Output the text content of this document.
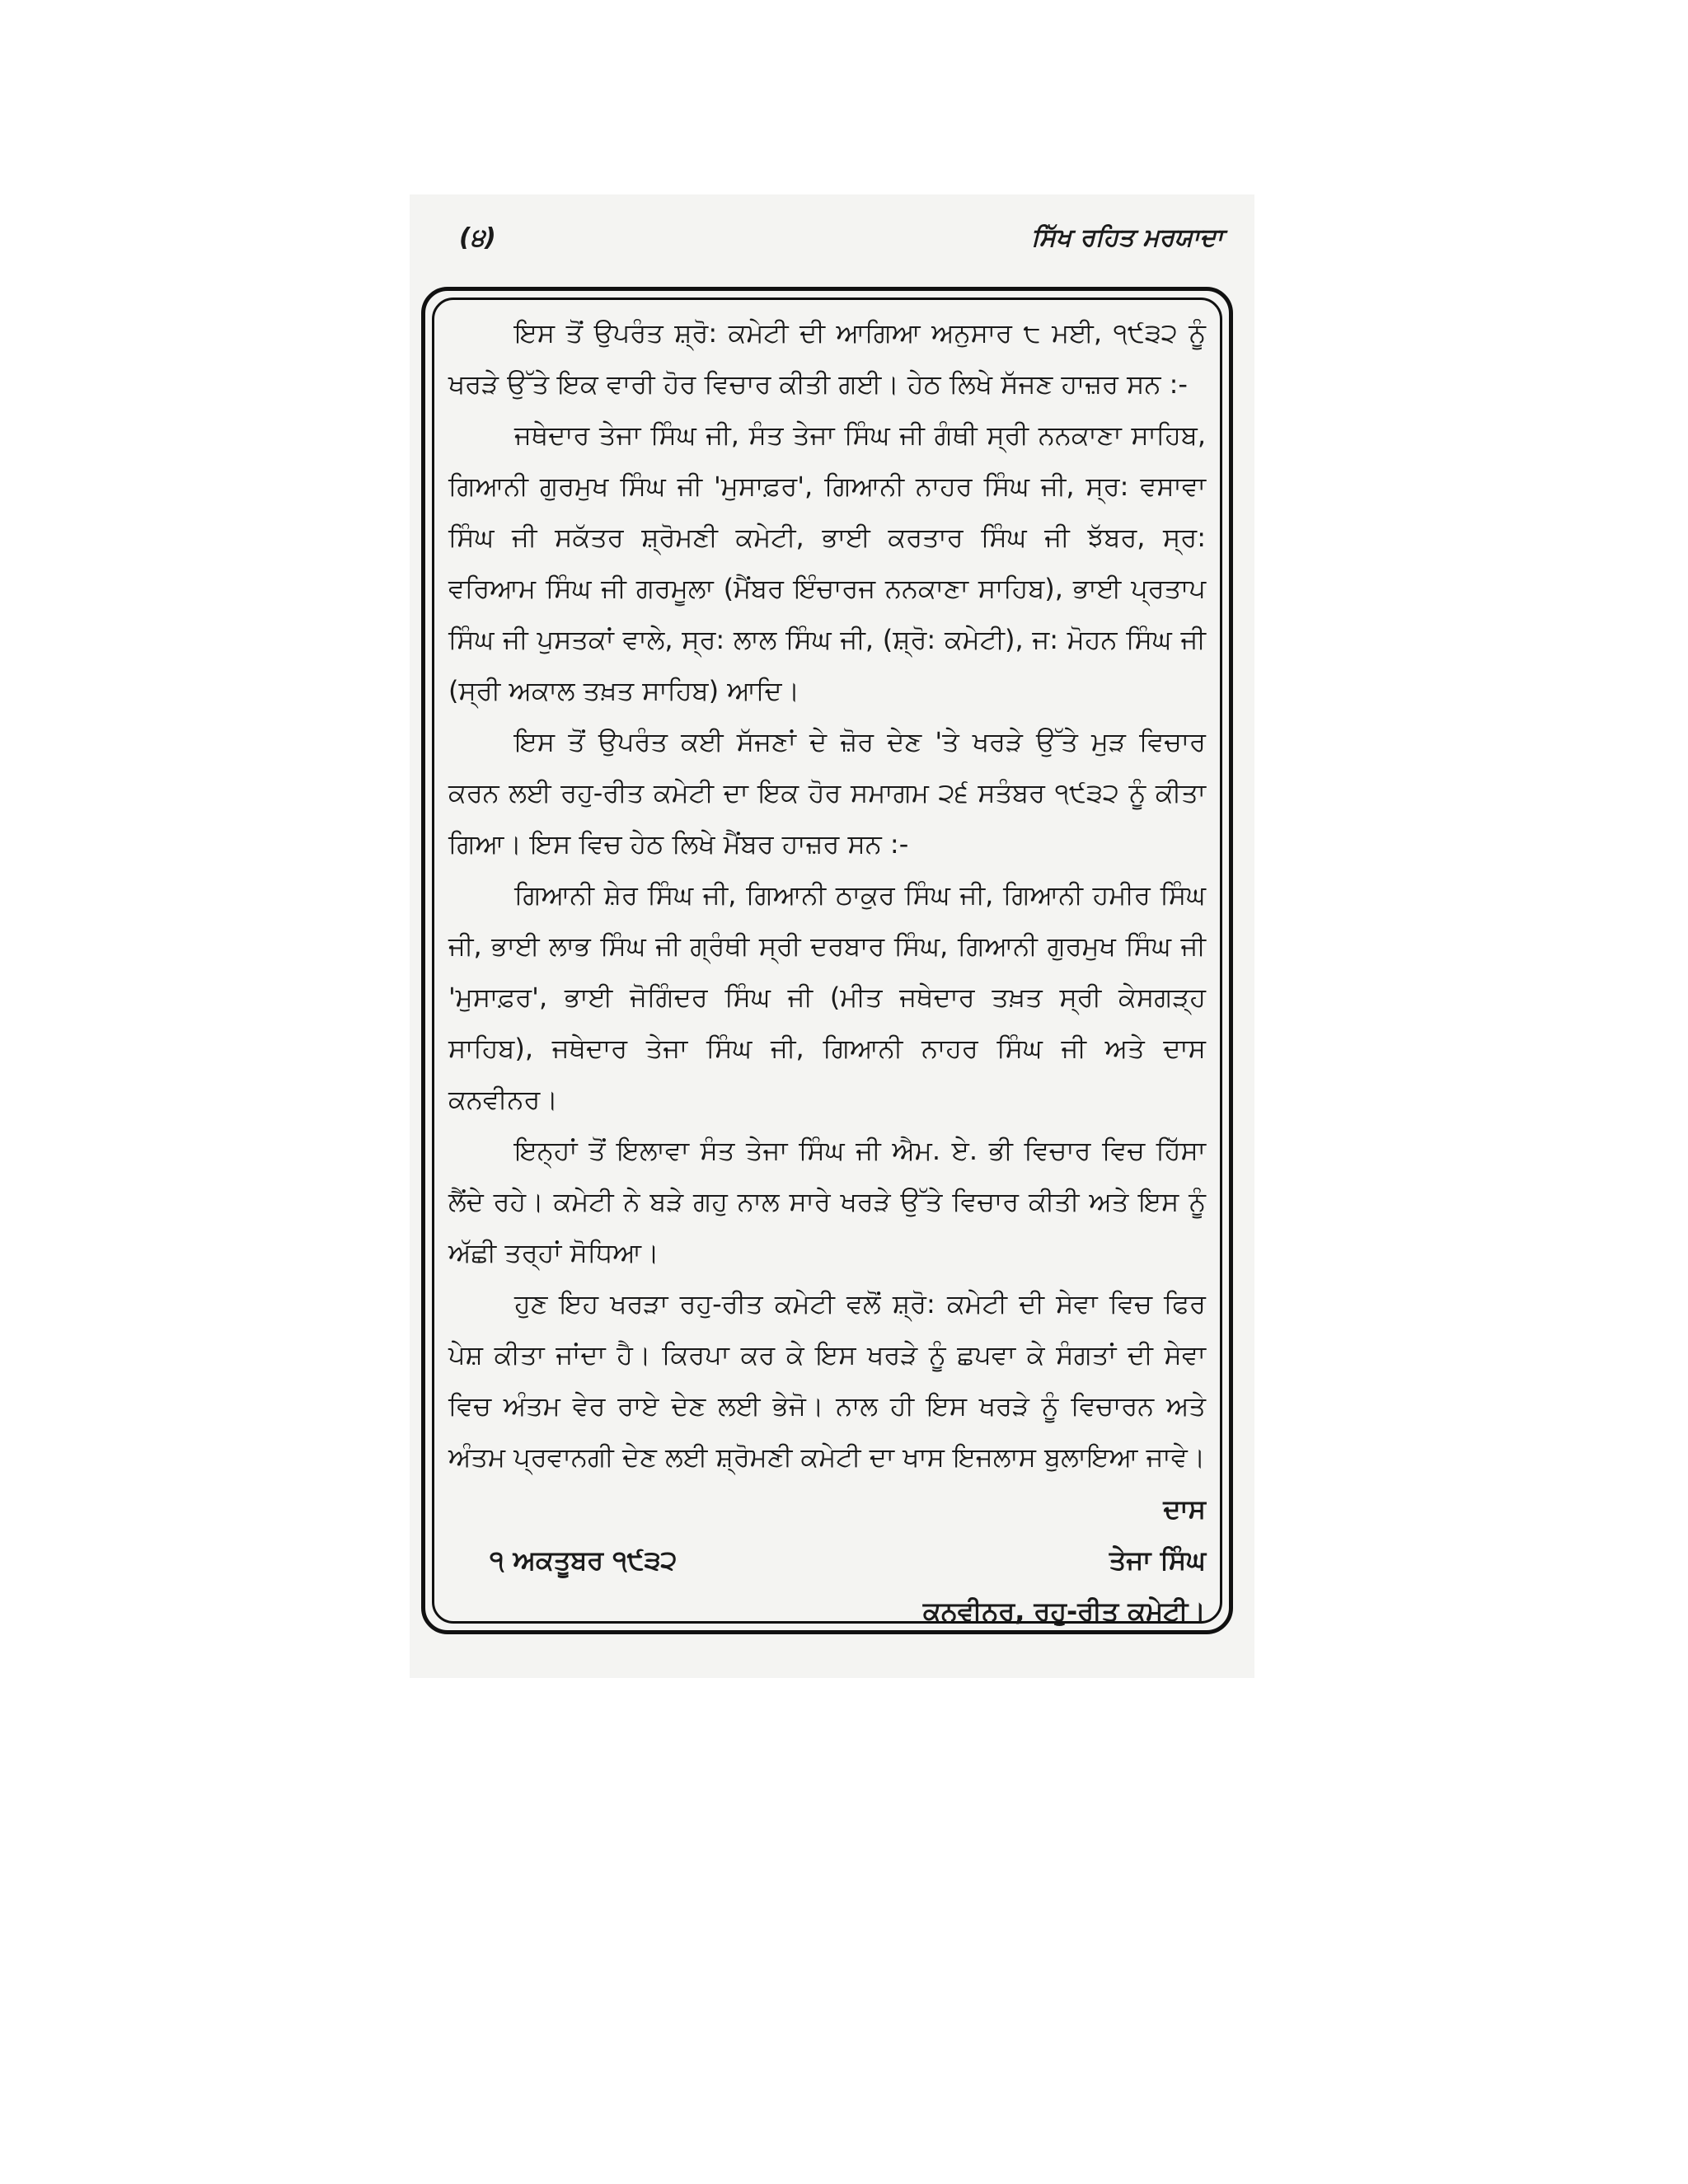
(੪)	ਸਿੱਖ ਰਹਿਤ ਮਰਯਾਦਾ

ਇਸ ਤੋਂ ਉਪਰੰਤ ਸ਼੍ਰੋ: ਕਮੇਟੀ ਦੀ ਆਗਿਆ ਅਨੁਸਾਰ ੮ ਮਈ, ੧੯੩੨ ਨੂੰ ਖਰੜੇ ਉੱਤੇ ਇਕ ਵਾਰੀ ਹੋਰ ਵਿਚਾਰ ਕੀਤੀ ਗਈ। ਹੇਠ ਲਿਖੇ ਸੱਜਣ ਹਾਜ਼ਰ ਸਨ :-

ਜਥੇਦਾਰ ਤੇਜਾ ਸਿੰਘ ਜੀ, ਸੰਤ ਤੇਜਾ ਸਿੰਘ ਜੀ ਗੰਥੀ ਸ੍ਰੀ ਨਨਕਾਣਾ ਸਾਹਿਬ, ਗਿਆਨੀ ਗੁਰਮੁਖ ਸਿੰਘ ਜੀ 'ਮੁਸਾਫ਼ਰ', ਗਿਆਨੀ ਨਾਹਰ ਸਿੰਘ ਜੀ, ਸ੍ਰ: ਵਸਾਵਾ ਸਿੰਘ ਜੀ ਸਕੱਤਰ ਸ਼੍ਰੋਮਣੀ ਕਮੇਟੀ, ਭਾਈ ਕਰਤਾਰ ਸਿੰਘ ਜੀ ਝੱਬਰ, ਸ੍ਰ: ਵਰਿਆਮ ਸਿੰਘ ਜੀ ਗਰਮੂਲਾ (ਮੈਂਬਰ ਇੰਚਾਰਜ ਨਨਕਾਣਾ ਸਾਹਿਬ), ਭਾਈ ਪ੍ਰਤਾਪ ਸਿੰਘ ਜੀ ਪੁਸਤਕਾਂ ਵਾਲੇ, ਸ੍ਰ: ਲਾਲ ਸਿੰਘ ਜੀ, (ਸ਼੍ਰੋ: ਕਮੇਟੀ), ਜ: ਮੋਹਨ ਸਿੰਘ ਜੀ (ਸ੍ਰੀ ਅਕਾਲ ਤਖ਼ਤ ਸਾਹਿਬ) ਆਦਿ।

ਇਸ ਤੋਂ ਉਪਰੰਤ ਕਈ ਸੱਜਣਾਂ ਦੇ ਜ਼ੋਰ ਦੇਣ 'ਤੇ ਖਰੜੇ ਉੱਤੇ ਮੁੜ ਵਿਚਾਰ ਕਰਨ ਲਈ ਰਹੁ-ਰੀਤ ਕਮੇਟੀ ਦਾ ਇਕ ਹੋਰ ਸਮਾਗਮ ੨੬ ਸਤੰਬਰ ੧੯੩੨ ਨੂੰ ਕੀਤਾ ਗਿਆ। ਇਸ ਵਿਚ ਹੇਠ ਲਿਖੇ ਮੈਂਬਰ ਹਾਜ਼ਰ ਸਨ :-

ਗਿਆਨੀ ਸ਼ੇਰ ਸਿੰਘ ਜੀ, ਗਿਆਨੀ ਠਾਕੁਰ ਸਿੰਘ ਜੀ, ਗਿਆਨੀ ਹਮੀਰ ਸਿੰਘ ਜੀ, ਭਾਈ ਲਾਭ ਸਿੰਘ ਜੀ ਗ੍ਰੰਥੀ ਸ੍ਰੀ ਦਰਬਾਰ ਸਿੰਘ, ਗਿਆਨੀ ਗੁਰਮੁਖ ਸਿੰਘ ਜੀ 'ਮੁਸਾਫ਼ਰ', ਭਾਈ ਜੋਗਿੰਦਰ ਸਿੰਘ ਜੀ (ਮੀਤ ਜਥੇਦਾਰ ਤਖ਼ਤ ਸ੍ਰੀ ਕੇਸਗੜ੍ਹ ਸਾਹਿਬ), ਜਥੇਦਾਰ ਤੇਜਾ ਸਿੰਘ ਜੀ, ਗਿਆਨੀ ਨਾਹਰ ਸਿੰਘ ਜੀ ਅਤੇ ਦਾਸ ਕਨਵੀਨਰ।

ਇਨ੍ਹਾਂ ਤੋਂ ਇਲਾਵਾ ਸੰਤ ਤੇਜਾ ਸਿੰਘ ਜੀ ਐਮ. ਏ. ਭੀ ਵਿਚਾਰ ਵਿਚ ਹਿੱਸਾ ਲੈਂਦੇ ਰਹੇ। ਕਮੇਟੀ ਨੇ ਬੜੇ ਗਹੁ ਨਾਲ ਸਾਰੇ ਖਰੜੇ ਉੱਤੇ ਵਿਚਾਰ ਕੀਤੀ ਅਤੇ ਇਸ ਨੂੰ ਅੱਛੀ ਤਰ੍ਹਾਂ ਸੋਧਿਆ।

ਹੁਣ ਇਹ ਖਰੜਾ ਰਹੁ-ਰੀਤ ਕਮੇਟੀ ਵਲੋਂ ਸ਼੍ਰੋ: ਕਮੇਟੀ ਦੀ ਸੇਵਾ ਵਿਚ ਫਿਰ ਪੇਸ਼ ਕੀਤਾ ਜਾਂਦਾ ਹੈ। ਕਿਰਪਾ ਕਰ ਕੇ ਇਸ ਖਰੜੇ ਨੂੰ ਛਪਵਾ ਕੇ ਸੰਗਤਾਂ ਦੀ ਸੇਵਾ ਵਿਚ ਅੰਤਮ ਵੇਰ ਰਾਏ ਦੇਣ ਲਈ ਭੇਜੋ। ਨਾਲ ਹੀ ਇਸ ਖਰੜੇ ਨੂੰ ਵਿਚਾਰਨ ਅਤੇ ਅੰਤਮ ਪ੍ਰਵਾਨਗੀ ਦੇਣ ਲਈ ਸ਼੍ਰੋਮਣੀ ਕਮੇਟੀ ਦਾ ਖਾਸ ਇਜਲਾਸ ਬੁਲਾਇਆ ਜਾਵੇ।

ਦਾਸ
੧ ਅਕਤੂਬਰ ੧੯੩੨	ਤੇਜਾ ਸਿੰਘ
ਕਨਵੀਨਰ, ਰਹੁ-ਰੀਤ ਕਮੇਟੀ।
